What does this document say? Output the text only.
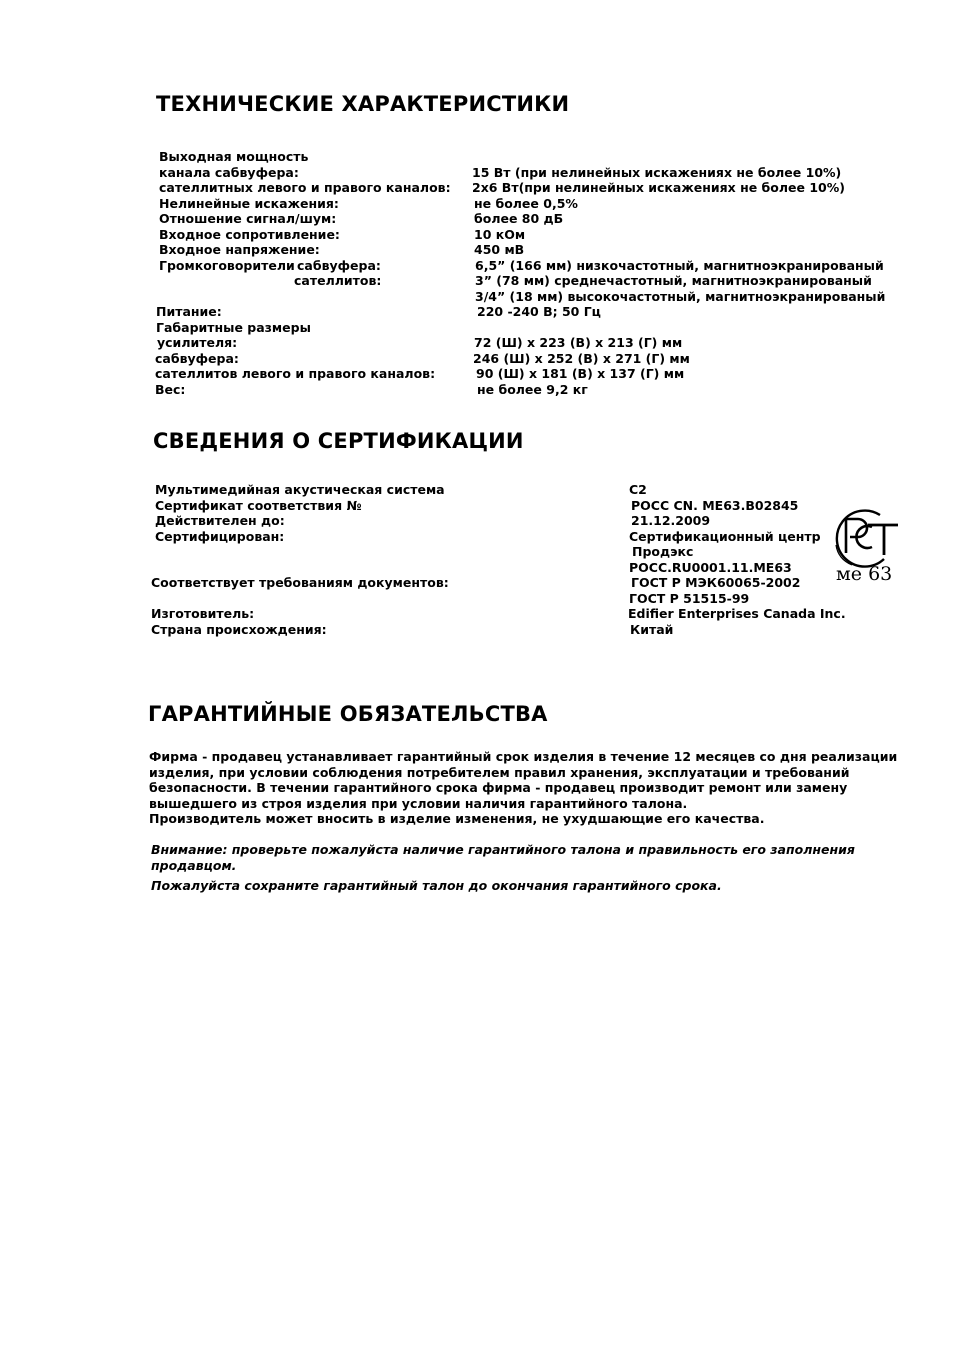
ТЕХНИЧЕСКИЕ ХАРАКТЕРИСТИКИ
Выходная мощность
канала сабвуфера:	15 Вт (при нелинейных искажениях не более 10%)
сателлитных левого и правого каналов: 2x6 Вт(при нелинейных искажениях не более 10%)
Нелинейные искажения:	не более 0,5%
Отношение сигнал/шум:	более 80 дБ
Входное сопротивление:	10 кОм
Входное напряжение:	450 мВ
Громкоговорители сабвуфера:	6,5” (166 мм) низкочастотный, магнитноэкранированый
сателлитов:	3” (78 мм) среднечастотный, магнитноэкранированый
3/4” (18 мм) высокочастотный, магнитноэкранированый
Питание:	220 -240 В; 50 Гц
Габаритные размеры
усилителя:	72 (Ш) x 223 (В) x 213 (Г) мм
сабвуфера:	246 (Ш) x 252 (В) x 271 (Г) мм
сателлитов левого и правого каналов:	90 (Ш) x 181 (В) x 137 (Г) мм
Вес:	не более 9,2 кг
СВЕДЕНИЯ О СЕРТИФИКАЦИИ
Мультимедийная акустическая система	C2
Сертификат соответствия №	РОСС CN. МЕ63.В02845
Действителен до:	21.12.2009
Сертифицирован:	Сертификационный центр
Продэкс
РОСС.RU0001.11.МЕ63
Соответствует требованиям документов:	ГОСТ Р МЭК60065-2002
ГОСТ Р 51515-99
Изготовитель:	Edifier Enterprises Canada Inc.
Страна происхождения:	Китай
ме 63
ГАРАНТИЙНЫЕ ОБЯЗАТЕЛЬСТВА
Фирма - продавец устанавливает гарантийный срок изделия в течение 12 месяцев со дня реализации
изделия, при условии соблюдения потребителем правил хранения, эксплуатации и требований
безопасности. В течении гарантийного срока фирма - продавец производит ремонт или замену
вышедшего из строя изделия при условии наличия гарантийного талона.
Производитель может вносить в изделие изменения, не ухудшающие его качества.
Внимание: проверьте пожалуйста наличие гарантийного талона и правильность его заполнения
продавцом.
Пожалуйста сохраните гарантийный талон до окончания гарантийного срока.
